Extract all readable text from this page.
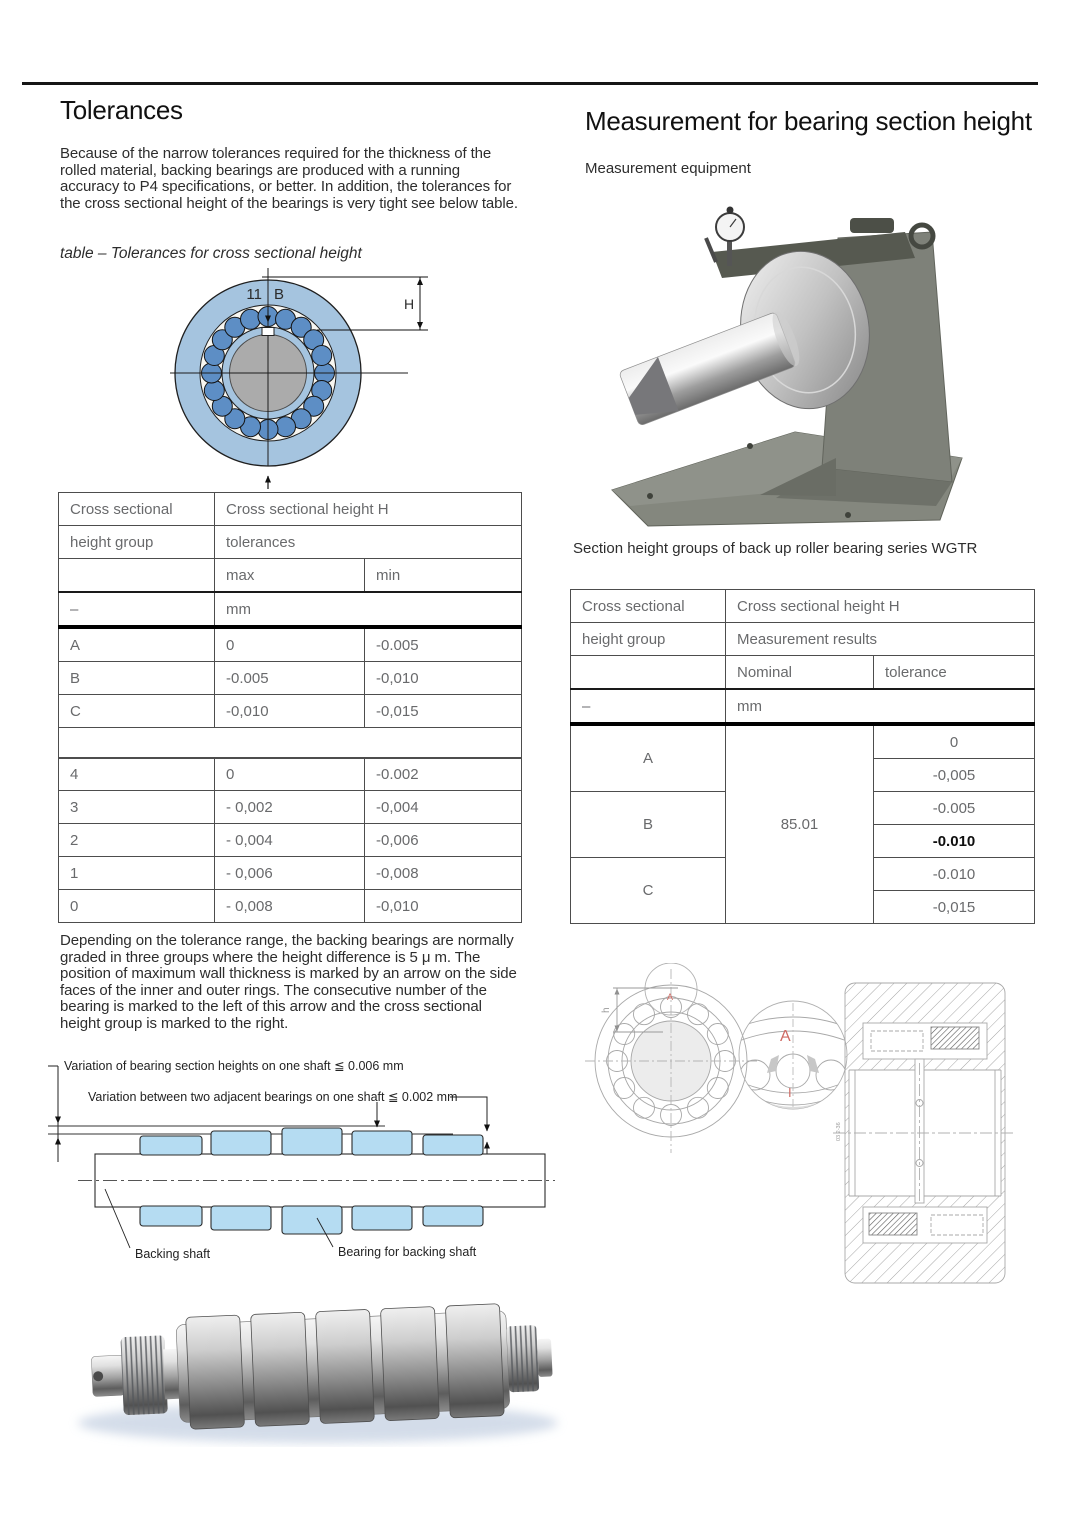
Tolerances

Because of the narrow tolerances required for the thickness of the rolled material, backing bearings are produced with a running accuracy to P4 specifications, or better. In addition, the tolerances for the cross sectional height of the bearings is very tight see below table.

table – Tolerances for cross sectional height
11 B
H
Cross sectional	Cross sectional height H	
height group	tolerances	
	max	min
–	mm	
A	0	-0.005
B	-0.005	-0,010
C	-0,010	-0,015

4	0	-0.002
3	- 0,002	-0,004
2	- 0,004	-0,006
1	- 0,006	-0,008
0	- 0,008	-0,010

Depending on the tolerance range, the backing bearings are normally graded in three groups where the height difference is 5 μ m. The position of maximum wall thickness is marked by an arrow on the side faces of the inner and outer rings. The consecutive number of the bearing is marked to the left of this arrow and the cross sectional height group is marked to the right.

Variation of bearing section heights on one shaft ≦ 0.006 mm
Variation between two adjacent bearings on one shaft ≦ 0.002 mm
Backing shaft	Bearing for backing shaft
Measurement for bearing section height
Measurement equipment
Section height groups of back up roller bearing series WGTR
Cross sectional	Cross sectional height H	
height group	Measurement results	
	Nominal	tolerance
–	mm	
A	85.01	0
		-0,005
B		-0.005
		-0.010
C		-0.010
		-0,015
A
h
A
I
03 2-36
